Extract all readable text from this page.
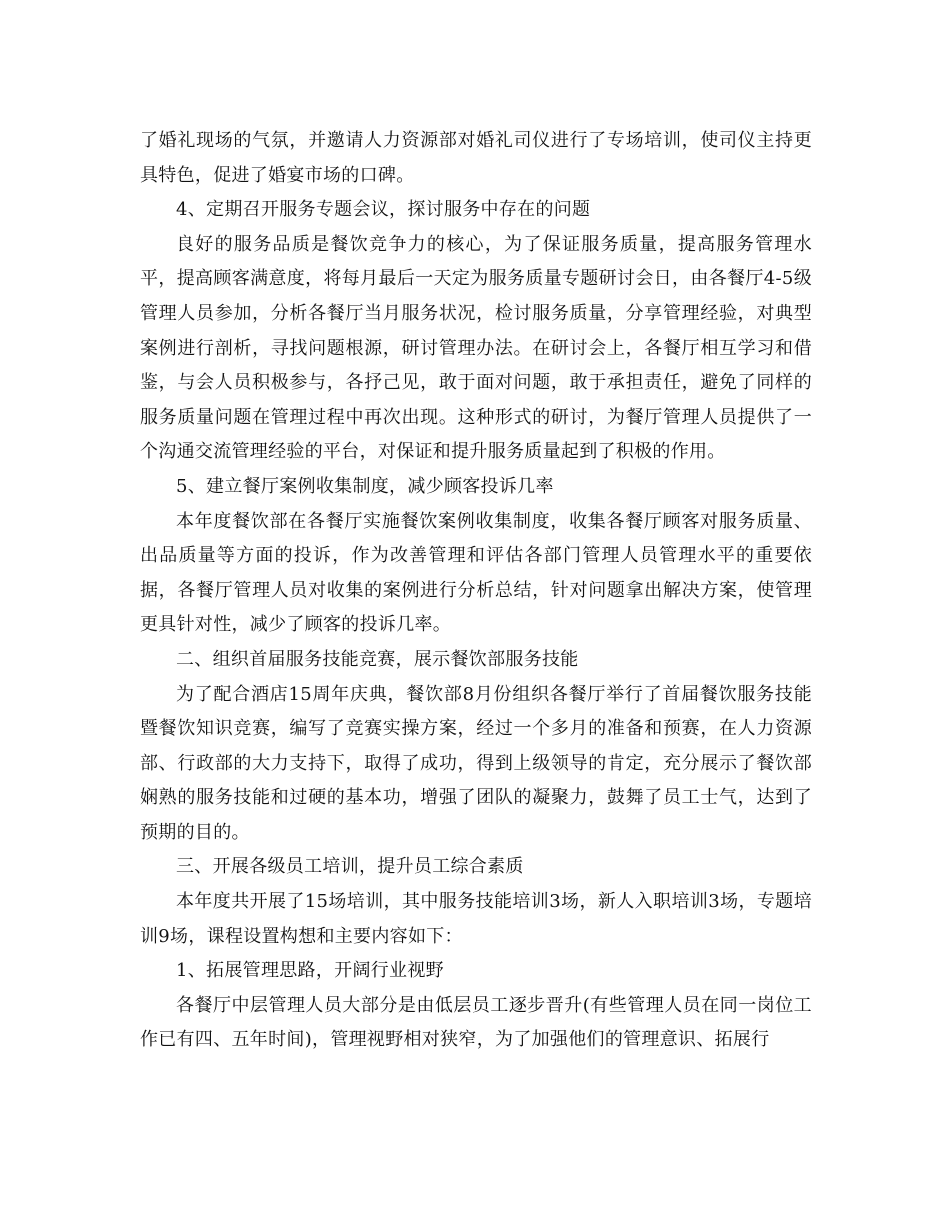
了婚礼现场的气氛，并邀请人力资源部对婚礼司仪进行了专场培训，使司仪主持更具特色，促进了婚宴市场的口碑。

4、定期召开服务专题会议，探讨服务中存在的问题

良好的服务品质是餐饮竞争力的核心，为了保证服务质量，提高服务管理水平，提高顾客满意度，将每月最后一天定为服务质量专题研讨会日，由各餐厅4-5级管理人员参加，分析各餐厅当月服务状况，检讨服务质量，分享管理经验，对典型案例进行剖析，寻找问题根源，研讨管理办法。在研讨会上，各餐厅相互学习和借鉴，与会人员积极参与，各抒己见，敢于面对问题，敢于承担责任，避免了同样的服务质量问题在管理过程中再次出现。这种形式的研讨，为餐厅管理人员提供了一个沟通交流管理经验的平台，对保证和提升服务质量起到了积极的作用。

5、建立餐厅案例收集制度，减少顾客投诉几率

本年度餐饮部在各餐厅实施餐饮案例收集制度，收集各餐厅顾客对服务质量、出品质量等方面的投诉，作为改善管理和评估各部门管理人员管理水平的重要依据，各餐厅管理人员对收集的案例进行分析总结，针对问题拿出解决方案，使管理更具针对性，减少了顾客的投诉几率。

二、组织首届服务技能竞赛，展示餐饮部服务技能

为了配合酒店15周年庆典，餐饮部8月份组织各餐厅举行了首届餐饮服务技能暨餐饮知识竞赛，编写了竞赛实操方案，经过一个多月的准备和预赛，在人力资源部、行政部的大力支持下，取得了成功，得到上级领导的肯定，充分展示了餐饮部娴熟的服务技能和过硬的基本功，增强了团队的凝聚力，鼓舞了员工士气，达到了预期的目的。

三、开展各级员工培训，提升员工综合素质

本年度共开展了15场培训，其中服务技能培训3场，新人入职培训3场，专题培训9场，课程设置构想和主要内容如下：

1、拓展管理思路，开阔行业视野

各餐厅中层管理人员大部分是由低层员工逐步晋升(有些管理人员在同一岗位工作已有四、五年时间)，管理视野相对狭窄，为了加强他们的管理意识、拓展行
